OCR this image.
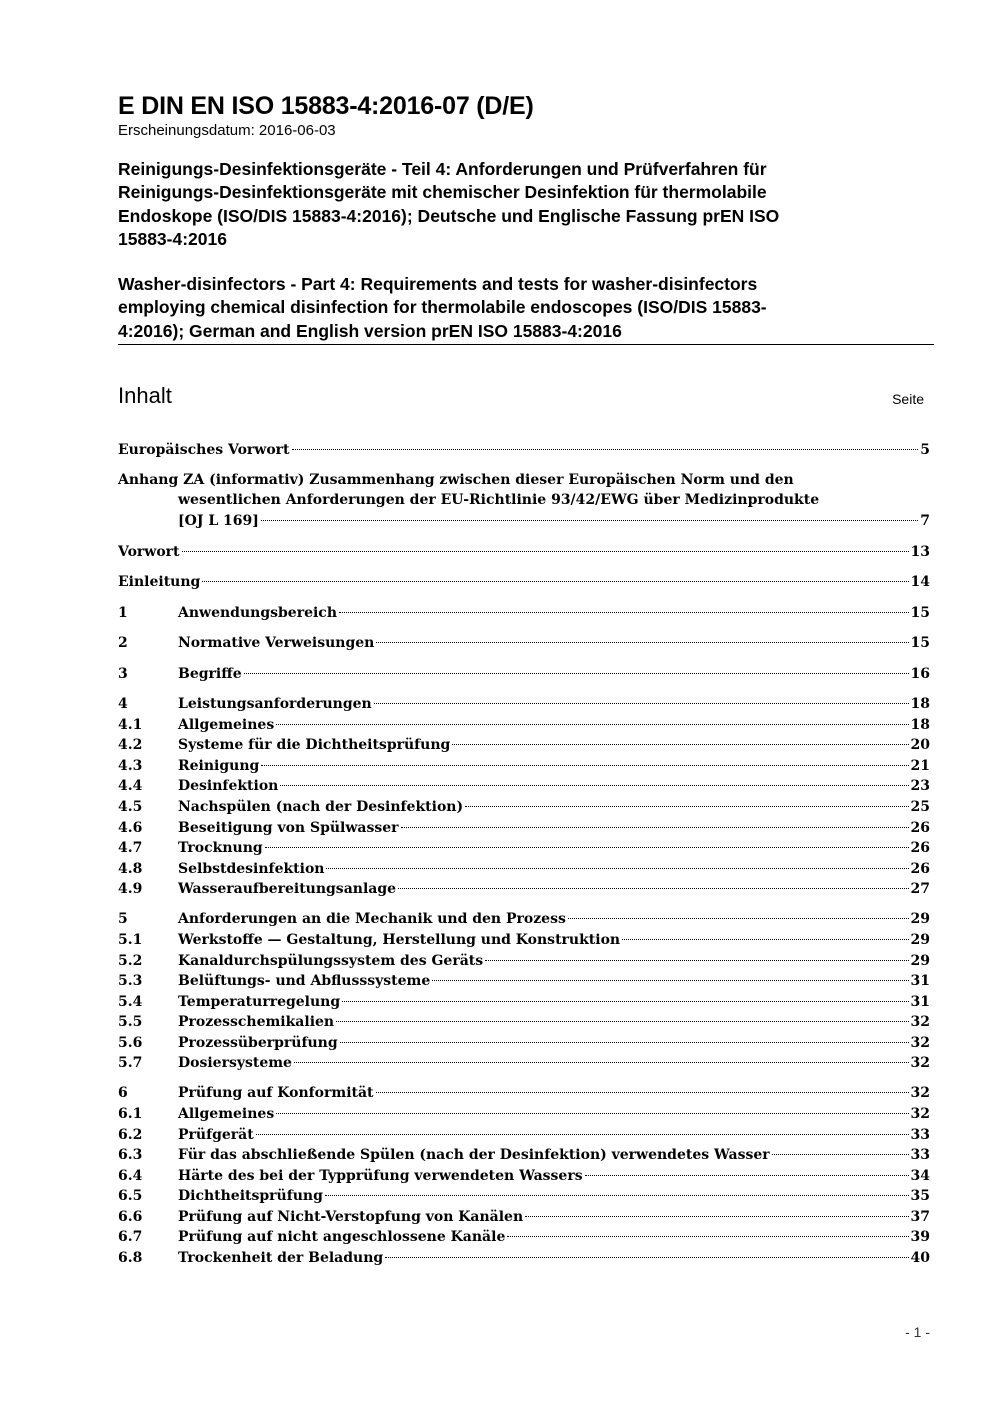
E DIN EN ISO 15883-4:2016-07 (D/E)
Erscheinungsdatum: 2016-06-03
Reinigungs-Desinfektionsgeräte - Teil 4: Anforderungen und Prüfverfahren für
Reinigungs-Desinfektionsgeräte mit chemischer Desinfektion für thermolabile
Endoskope (ISO/DIS 15883-4:2016); Deutsche und Englische Fassung prEN ISO
15883-4:2016
Washer-disinfectors - Part 4: Requirements and tests for washer-disinfectors
employing chemical disinfection for thermolabile endoscopes (ISO/DIS 15883-
4:2016); German and English version prEN ISO 15883-4:2016
Inhalt	Seite
Europäisches Vorwort	5
Anhang ZA (informativ) Zusammenhang zwischen dieser Europäischen Norm und den
wesentlichen Anforderungen der EU-Richtlinie 93/42/EWG über Medizinprodukte
[OJ L 169]	7
Vorwort	13
Einleitung	14
1	Anwendungsbereich	15
2	Normative Verweisungen	15
3	Begriffe	16
4	Leistungsanforderungen	18
4.1	Allgemeines	18
4.2	Systeme für die Dichtheitsprüfung	20
4.3	Reinigung	21
4.4	Desinfektion	23
4.5	Nachspülen (nach der Desinfektion)	25
4.6	Beseitigung von Spülwasser	26
4.7	Trocknung	26
4.8	Selbstdesinfektion	26
4.9	Wasseraufbereitungsanlage	27
5	Anforderungen an die Mechanik und den Prozess	29
5.1	Werkstoffe — Gestaltung, Herstellung und Konstruktion	29
5.2	Kanaldurchspülungssystem des Geräts	29
5.3	Belüftungs- und Abflusssysteme	31
5.4	Temperaturregelung	31
5.5	Prozesschemikalien	32
5.6	Prozessüberprüfung	32
5.7	Dosiersysteme	32
6	Prüfung auf Konformität	32
6.1	Allgemeines	32
6.2	Prüfgerät	33
6.3	Für das abschließende Spülen (nach der Desinfektion) verwendetes Wasser	33
6.4	Härte des bei der Typprüfung verwendeten Wassers	34
6.5	Dichtheitsprüfung	35
6.6	Prüfung auf Nicht-Verstopfung von Kanälen	37
6.7	Prüfung auf nicht angeschlossene Kanäle	39
6.8	Trockenheit der Beladung	40
- 1 -
